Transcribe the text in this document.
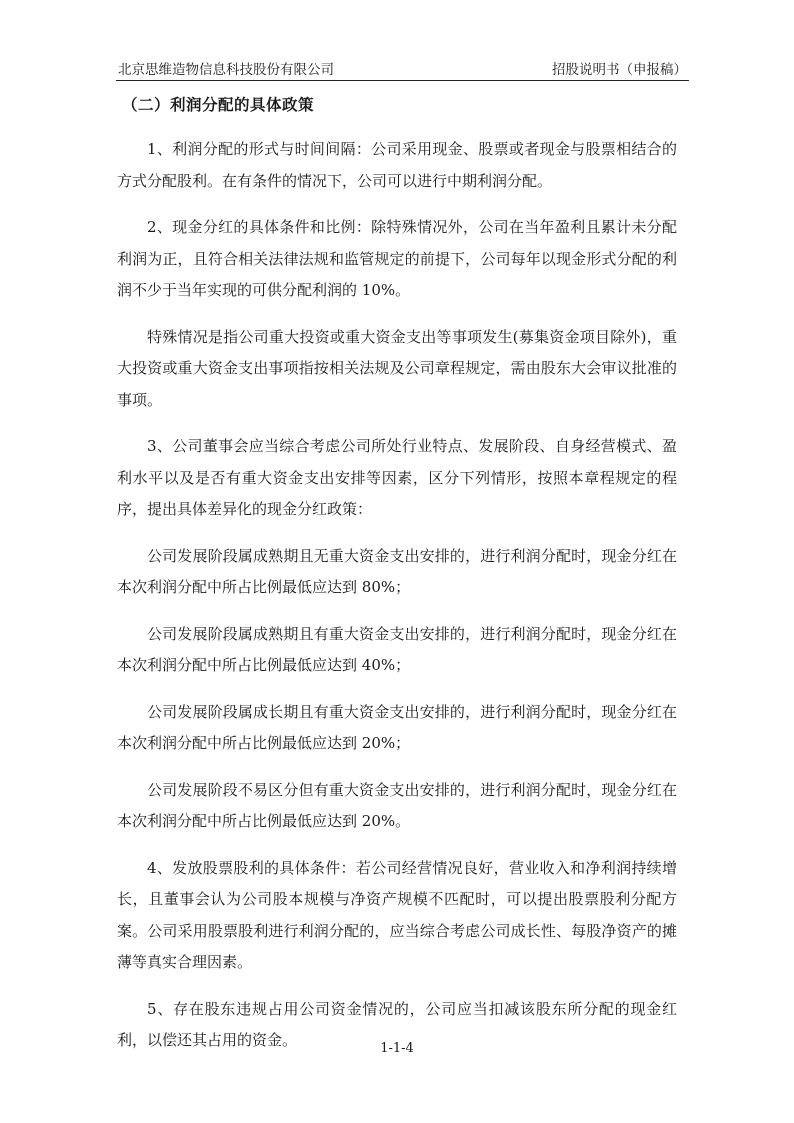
北京思维造物信息科技股份有限公司	招股说明书（申报稿）
（二）利润分配的具体政策

1、利润分配的形式与时间间隔：公司采用现金、股票或者现金与股票相结合的方式分配股利。在有条件的情况下，公司可以进行中期利润分配。

2、现金分红的具体条件和比例：除特殊情况外，公司在当年盈利且累计未分配利润为正，且符合相关法律法规和监管规定的前提下，公司每年以现金形式分配的利润不少于当年实现的可供分配利润的 10%。

特殊情况是指公司重大投资或重大资金支出等事项发生(募集资金项目除外)，重大投资或重大资金支出事项指按相关法规及公司章程规定，需由股东大会审议批准的事项。

3、公司董事会应当综合考虑公司所处行业特点、发展阶段、自身经营模式、盈利水平以及是否有重大资金支出安排等因素，区分下列情形，按照本章程规定的程序，提出具体差异化的现金分红政策：

公司发展阶段属成熟期且无重大资金支出安排的，进行利润分配时，现金分红在本次利润分配中所占比例最低应达到 80%；

公司发展阶段属成熟期且有重大资金支出安排的，进行利润分配时，现金分红在本次利润分配中所占比例最低应达到 40%；

公司发展阶段属成长期且有重大资金支出安排的，进行利润分配时，现金分红在本次利润分配中所占比例最低应达到 20%；

公司发展阶段不易区分但有重大资金支出安排的，进行利润分配时，现金分红在本次利润分配中所占比例最低应达到 20%。

4、发放股票股利的具体条件：若公司经营情况良好，营业收入和净利润持续增长，且董事会认为公司股本规模与净资产规模不匹配时，可以提出股票股利分配方案。公司采用股票股利进行利润分配的，应当综合考虑公司成长性、每股净资产的摊薄等真实合理因素。

5、存在股东违规占用公司资金情况的，公司应当扣减该股东所分配的现金红利，以偿还其占用的资金。	1-1-4
